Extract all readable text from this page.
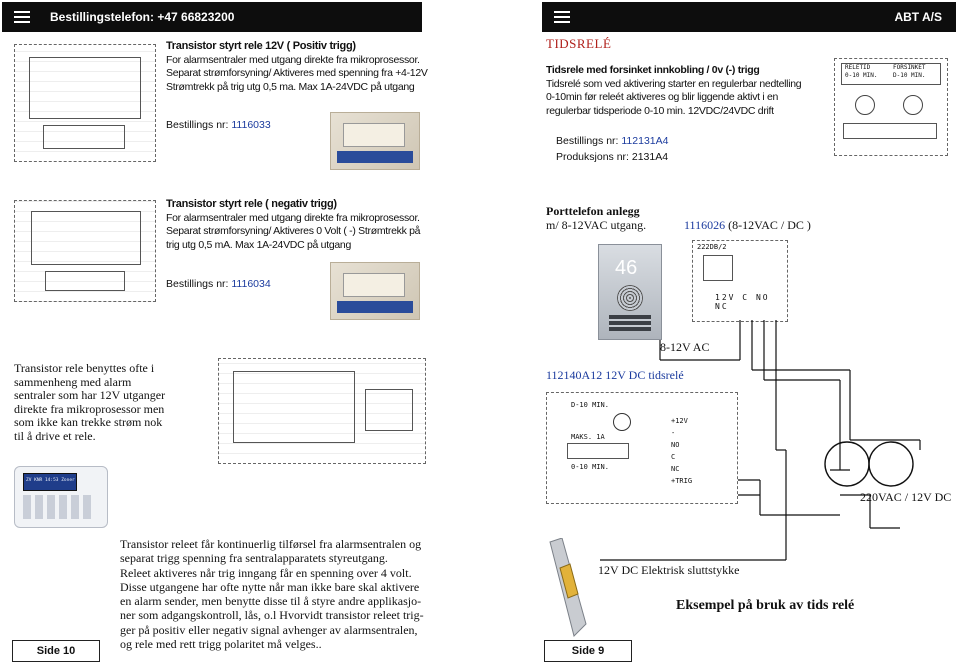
Bestillingstelefon: +47 66823200	ABT A/S
Transistor styrt rele 12V ( Positiv trigg)
For alarmsentraler med utgang direkte fra mikroprosessor.
Separat strømforsyning/ Aktiveres med spenning fra +4-12V
Strømtrekk på trig utg 0,5 ma. Max 1A-24VDC på utgang
Bestillings nr: 1116033
Transistor styrt rele ( negativ trigg)
For alarmsentraler med utgang direkte fra mikroprosessor.
Separat strømforsyning/ Aktiveres 0 Volt ( -) Strømtrekk på
trig utg 0,5 mA. Max 1A-24VDC på utgang
Bestillings nr: 1116034
Transistor rele benyttes ofte i
sammenheng med alarm
sentraler som har 12V utganger
direkte fra mikroprosessor men
som ikke kan trekke strøm nok
til å drive et rele.
ZV KNR 14:53 Zoner
Transistor releet får kontinuerlig tilførsel fra alarmsentralen og
separat trigg spenning fra sentralapparatets styreutgang.
Releet aktiveres når trig inngang får en spenning over 4 volt.
Disse utgangene har ofte nytte når man ikke bare skal aktivere
en alarm sender, men benytte disse til å styre andre applikasjo-
ner som adgangskontroll, lås, o.l Hvorvidt transistor releet trig-
ger på positiv eller negativ signal avhenger av alarmsentralen,
og rele med rett trigg polaritet må velges..
Side 10
TIDSRELÉ
Tidsrele med forsinket innkobling / 0v (-) trigg
Tidsrelé som ved aktivering starter en regulerbar nedtelling
0-10min før releét aktiveres og blir liggende aktivt i en
regulerbar tidsperiode 0-10 min. 12VDC/24VDC drift
Bestillings nr: 112131A4
Produksjons nr: 2131A4
RELETID
0-10 MIN.
FORSINKET
D-10 MIN.
Porttelefon anlegg
m/ 8-12VAC utgang.	1116026 (8-12VAC / DC )
46
222DB/2
12V C NO NC
8-12V AC
112140A12 12V DC tidsrelé
D-10 MIN.
MAKS. 1A
0-10 MIN.
+12V
-
NO
C
NC
+TRIG
220VAC / 12V DC
12V DC Elektrisk sluttstykke
Eksempel på bruk av tids relé
Side 9
